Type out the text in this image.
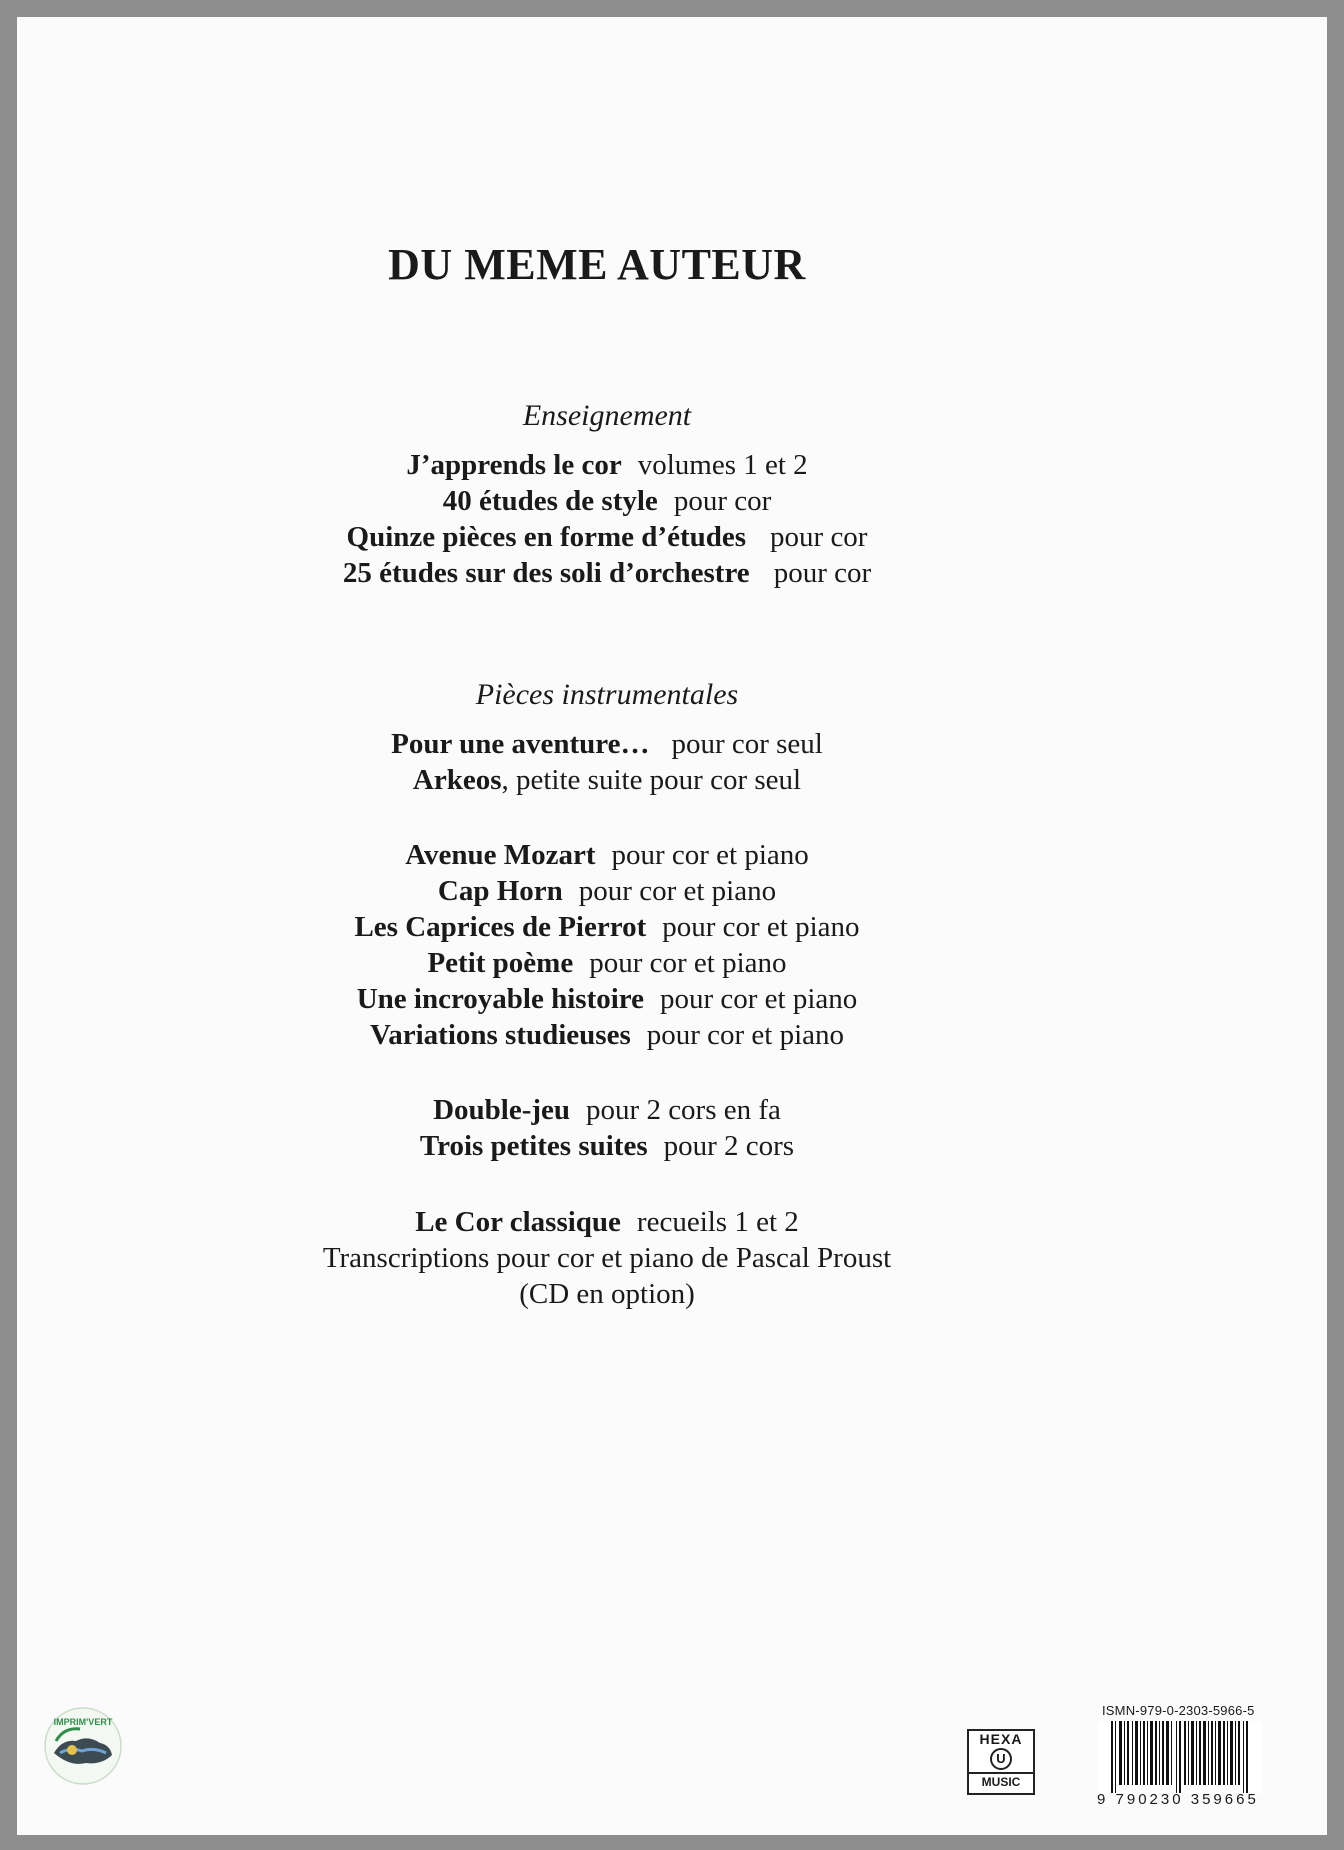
DU MEME AUTEUR

Enseignement

J’apprends le cor volumes 1 et 2

40 études de style pour cor

Quinze pièces en forme d’études pour cor

25 études sur des soli d’orchestre pour cor

Pièces instrumentales

Pour une aventure… pour cor seul

Arkeos, petite suite pour cor seul

Avenue Mozart pour cor et piano

Cap Horn pour cor et piano

Les Caprices de Pierrot pour cor et piano

Petit poème pour cor et piano

Une incroyable histoire pour cor et piano

Variations studieuses pour cor et piano

Double-jeu pour 2 cors en fa

Trois petites suites pour 2 cors

Le Cor classique recueils 1 et 2

Transcriptions pour cor et piano de Pascal Proust

(CD en option)

IMPRIM'VERT
HEXA
U
MUSIC
ISMN-979-0-2303-5966-5
9 790230 359665
